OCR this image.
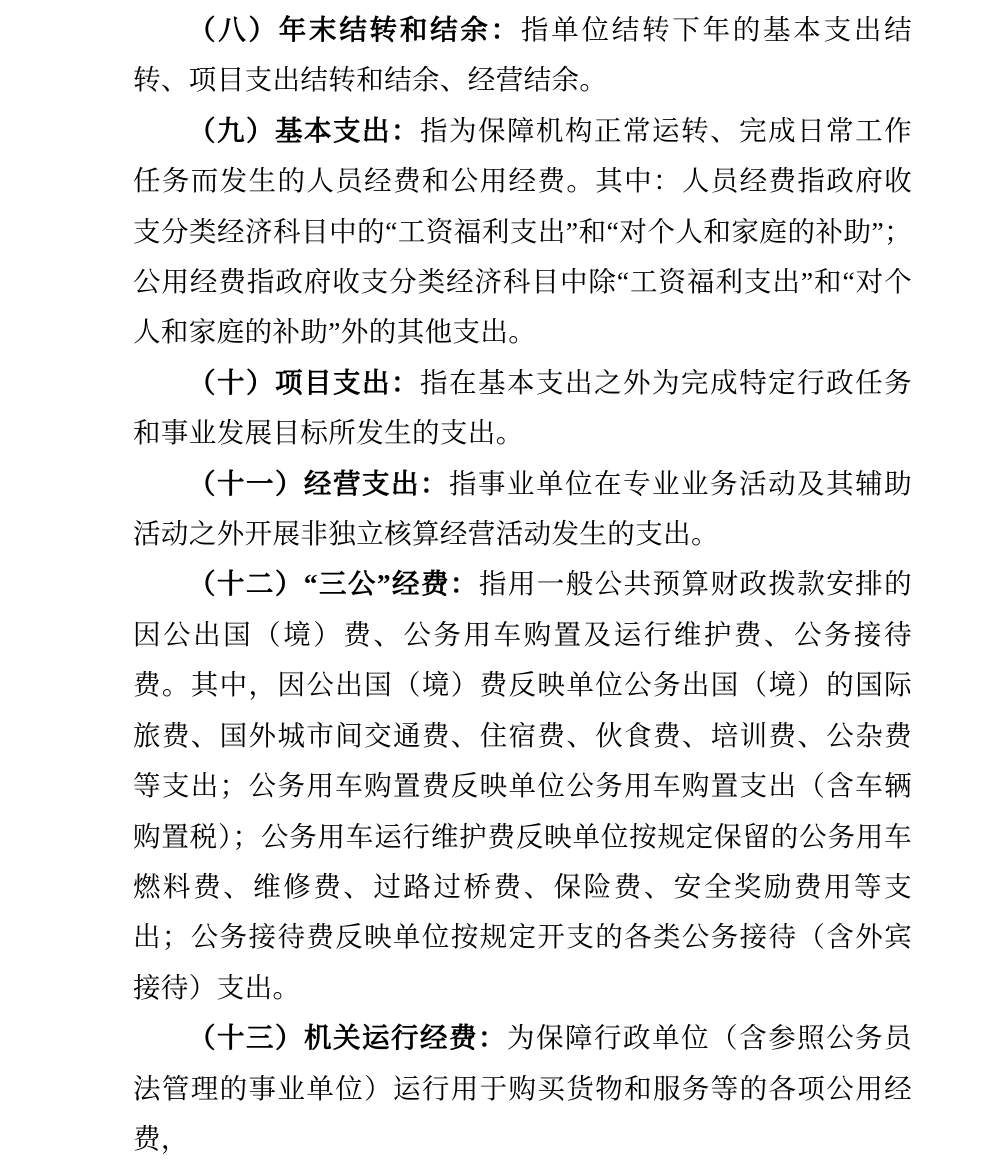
（八）年末结转和结余：指单位结转下年的基本支出结转、项目支出结转和结余、经营结余。

（九）基本支出：指为保障机构正常运转、完成日常工作任务而发生的人员经费和公用经费。其中：人员经费指政府收支分类经济科目中的“工资福利支出”和“对个人和家庭的补助”；公用经费指政府收支分类经济科目中除“工资福利支出”和“对个人和家庭的补助”外的其他支出。

（十）项目支出：指在基本支出之外为完成特定行政任务和事业发展目标所发生的支出。

（十一）经营支出：指事业单位在专业业务活动及其辅助活动之外开展非独立核算经营活动发生的支出。

（十二）“三公”经费：指用一般公共预算财政拨款安排的因公出国（境）费、公务用车购置及运行维护费、公务接待费。其中，因公出国（境）费反映单位公务出国（境）的国际旅费、国外城市间交通费、住宿费、伙食费、培训费、公杂费等支出；公务用车购置费反映单位公务用车购置支出（含车辆购置税）；公务用车运行维护费反映单位按规定保留的公务用车燃料费、维修费、过路过桥费、保险费、安全奖励费用等支出；公务接待费反映单位按规定开支的各类公务接待（含外宾接待）支出。

（十三）机关运行经费：为保障行政单位（含参照公务员法管理的事业单位）运行用于购买货物和服务等的各项公用经费，
